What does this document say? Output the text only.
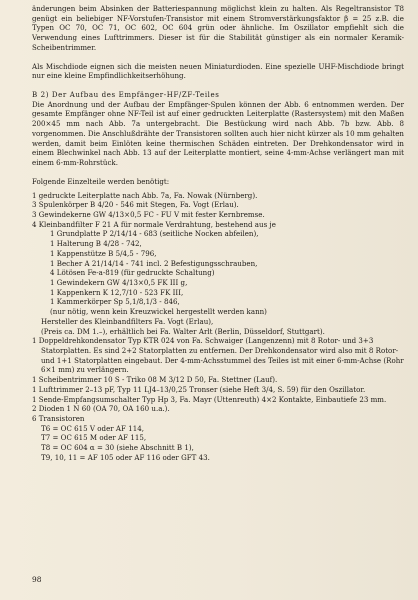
änderungen beim Absinken der Batteriespannung möglichst klein zu halten. Als Regeltransistor T8 genügt ein beliebiger NF-Vorstufen-Transistor mit einem Stromverstärkungsfaktor β = 25 z.B. die Typen OC 70, OC 71, OC 602, OC 604 grün oder ähnliche. Im Oszillator empfiehlt sich die Verwendung eines Lufttrimmers. Dieser ist für die Stabilität günstiger als ein normaler Keramik-Scheibentrimmer.

Als Mischdiode eignen sich die meisten neuen Miniaturdioden. Eine spezielle UHF-Mischdiode bringt nur eine kleine Empfindlichkeitserhöhung.

B 2) Der Aufbau des Empfänger-HF/ZF-Teiles

Die Anordnung und der Aufbau der Empfänger-Spulen können der Abb. 6 entnommen werden. Der gesamte Empfänger ohne NF-Teil ist auf einer gedruckten Leiterplatte (Rastersystem) mit den Maßen 200×45 mm nach Abb. 7a untergebracht. Die Bestückung wird nach Abb. 7b bzw. Abb. 8 vorgenommen. Die Anschlußdrähte der Transistoren sollten auch hier nicht kürzer als 10 mm gehalten werden, damit beim Einlöten keine thermischen Schäden eintreten. Der Drehkondensator wird in einem Blechwinkel nach Abb. 13 auf der Leiterplatte montiert, seine 4-mm-Achse verlängert man mit einem 6-mm-Rohrstück.

Folgende Einzelteile werden benötigt:

1 gedruckte Leiterplatte nach Abb. 7a, Fa. Nowak (Nürnberg).

3 Spulenkörper B 4/20 - 546 mit Stegen, Fa. Vogt (Erlau).

3 Gewindekerne GW 4/13×0,5 FC - FU V mit fester Kernbremse.

4 Kleinbandfilter F 21 A für normale Verdrahtung, bestehend aus je

1 Grundplatte P 2/14/14 - 683 (seitliche Nocken abfeilen),

1 Halterung B 4/28 - 742,

1 Kappenstütze B 5/4,5 - 796,

1 Becher A 21/14/14 - 741 incl. 2 Befestigungsschrauben,

4 Lötösen Fe-a-819 (für gedruckte Schaltung)

1 Gewindekern GW 4/13×0,5 FK III g,

1 Kappenkern K 12,7/10 - 523 FK III,

1 Kammerkörper Sp 5,1/8,1/3 - 846,

(nur nötig, wenn kein Kreuzwickel hergestellt werden kann)

Hersteller des Kleinbandfilters Fa. Vogt (Erlau),

(Preis ca. DM 1.–), erhältlich bei Fa. Walter Arlt (Berlin, Düsseldorf, Stuttgart).

1 Doppeldrehkondensator Typ KTR 024 von Fa. Schwaiger (Langenzenn) mit 8 Rotor- und 3+3 Statorplatten. Es sind 2+2 Statorplatten zu entfernen. Der Drehkondensator wird also mit 8 Rotor- und 1+1 Statorplatten eingebaut. Der 4-mm-Achsstummel des Teiles ist mit einer 6-mm-Achse (Rohr 6×1 mm) zu verlängern.

1 Scheibentrimmer 10 S - Triko 08 M 3/12 D 50, Fa. Stettner (Lauf).

1 Lufttrimmer 2–13 pF, Typ 11 LJ4–13/0,25 Tronser (siehe Heft 3/4, S. 59) für den Oszillator.

1 Sende-Empfangsumschalter Typ Hp 3, Fa. Mayr (Uttenreuth) 4×2 Kontakte, Einbautiefe 23 mm.

2 Dioden 1 N 60 (OA 70, OA 160 u.a.).

6 Transistoren

T6 = OC 615 V oder AF 114,

T7 = OC 615 M oder AF 115,

T8 = OC 604 α = 30 (siehe Abschnitt B 1),

T9, 10, 11 = AF 105 oder AF 116 oder GFT 43.

98
